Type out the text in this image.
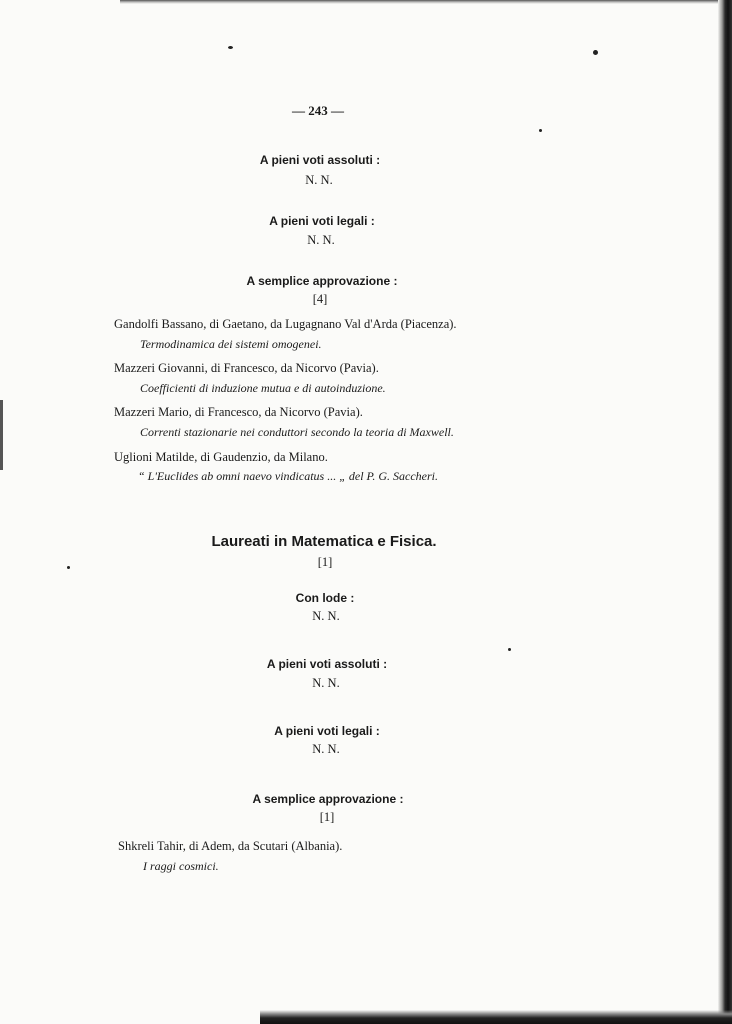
— 243 —
A pieni voti assoluti :
N. N.
A pieni voti legali :
N. N.
A semplice approvazione :
[4]
Gandolfi Bassano, di Gaetano, da Lugagnano Val d'Arda (Piacenza).
Termodinamica dei sistemi omogenei.
Mazzeri Giovanni, di Francesco, da Nicorvo (Pavia).
Coefficienti di induzione mutua e di autoinduzione.
Mazzeri Mario, di Francesco, da Nicorvo (Pavia).
Correnti stazionarie nei conduttori secondo la teoria di Maxwell.
Uglioni Matilde, di Gaudenzio, da Milano.
“ L'Euclides ab omni naevo vindicatus ... „ del P. G. Saccheri.
Laureati in Matematica e Fisica.
[1]
Con lode :
N. N.
A pieni voti assoluti :
N. N.
A pieni voti legali :
N. N.
A semplice approvazione :
[1]
Shkreli Tahir, di Adem, da Scutari (Albania).
I raggi cosmici.
